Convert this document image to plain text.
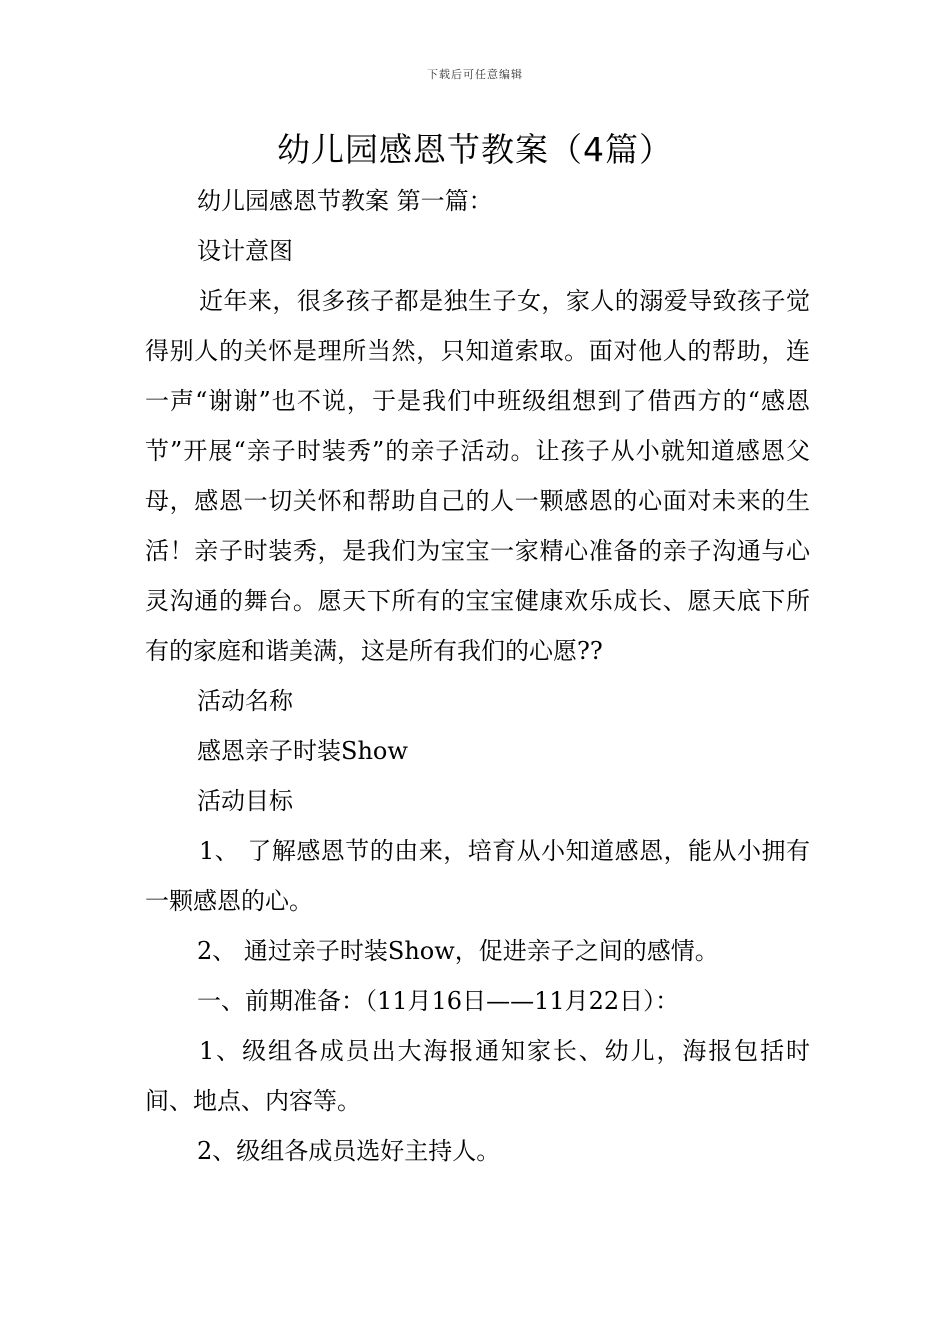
下载后可任意编辑
幼儿园感恩节教案（4篇）

幼儿园感恩节教案 第一篇：

设计意图

近年来，很多孩子都是独生子女，家人的溺爱导致孩子觉得别人的关怀是理所当然，只知道索取。面对他人的帮助，连一声“谢谢”也不说，于是我们中班级组想到了借西方的“感恩节”开展“亲子时装秀”的亲子活动。让孩子从小就知道感恩父母，感恩一切关怀和帮助自己的人一颗感恩的心面对未来的生活！亲子时装秀，是我们为宝宝一家精心准备的亲子沟通与心灵沟通的舞台。愿天下所有的宝宝健康欢乐成长、愿天底下所有的家庭和谐美满，这是所有我们的心愿??

活动名称

感恩亲子时装Show

活动目标

1、 了解感恩节的由来，培育从小知道感恩，能从小拥有一颗感恩的心。

2、 通过亲子时装Show，促进亲子之间的感情。

一、前期准备：（11月16日——11月22日）：

1、级组各成员出大海报通知家长、幼儿，海报包括时间、地点、内容等。

2、级组各成员选好主持人。
